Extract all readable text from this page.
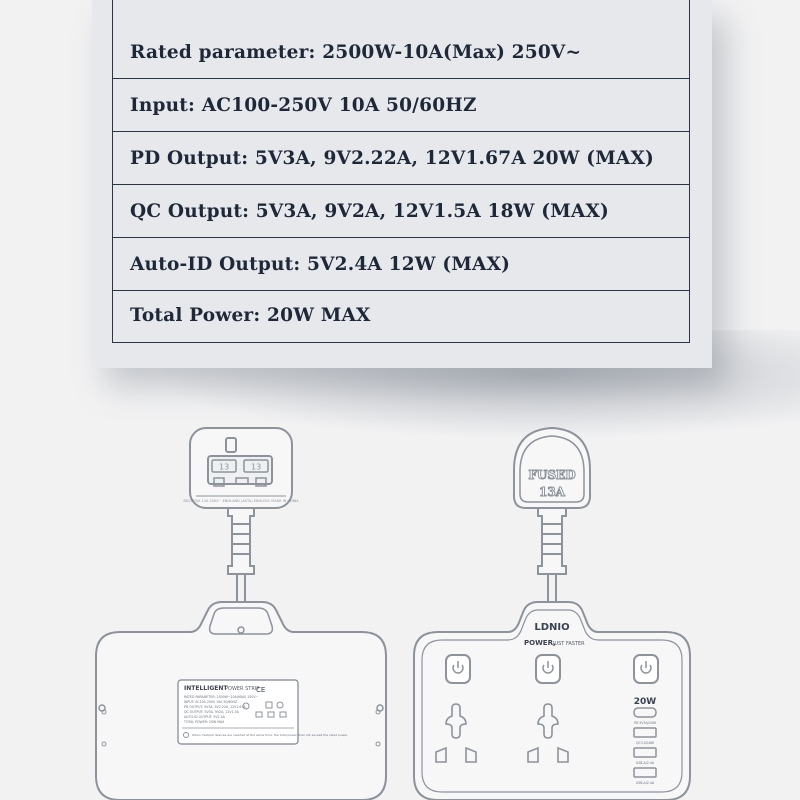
Rated parameter: 2500W-10A(Max) 250V~
Input: AC100-250V 10A 50/60HZ
PD Output: 5V3A, 9V2.22A, 12V1.67A 20W (MAX)
QC Output: 5V3A, 9V2A, 12V1.5A 18W (MAX)
Auto-ID Output: 5V2.4A 12W (MAX)
Total Power: 20W MAX
13	13
BS1363/A 13A 250V~ ENGLAND (ASTA) ENGLISH, MADE IN CHINA
INTELLIGENT
POWER STRIP
CE
RATED PARAMETER: 2500W~10A(MAX) 250V~
INPUT: AC100-250V 10A 50/60HZ
PD OUTPUT: 5V3A, 9V2.22A, 12V1.67A
QC OUTPUT: 5V3A, 9V2A, 12V1.5A
AUTO-ID OUTPUT: 5V2.4A
TOTAL POWER: 20W MAX
When multiple devices are inserted at the same time, the total power shall not exceed the rated power.
FUSED
13A
LDNIO
POWER,
JUST FASTER
20W
PD 5V3A/20W
QC3.0/18W
USB-A/2.4A
USB-A/2.4A
